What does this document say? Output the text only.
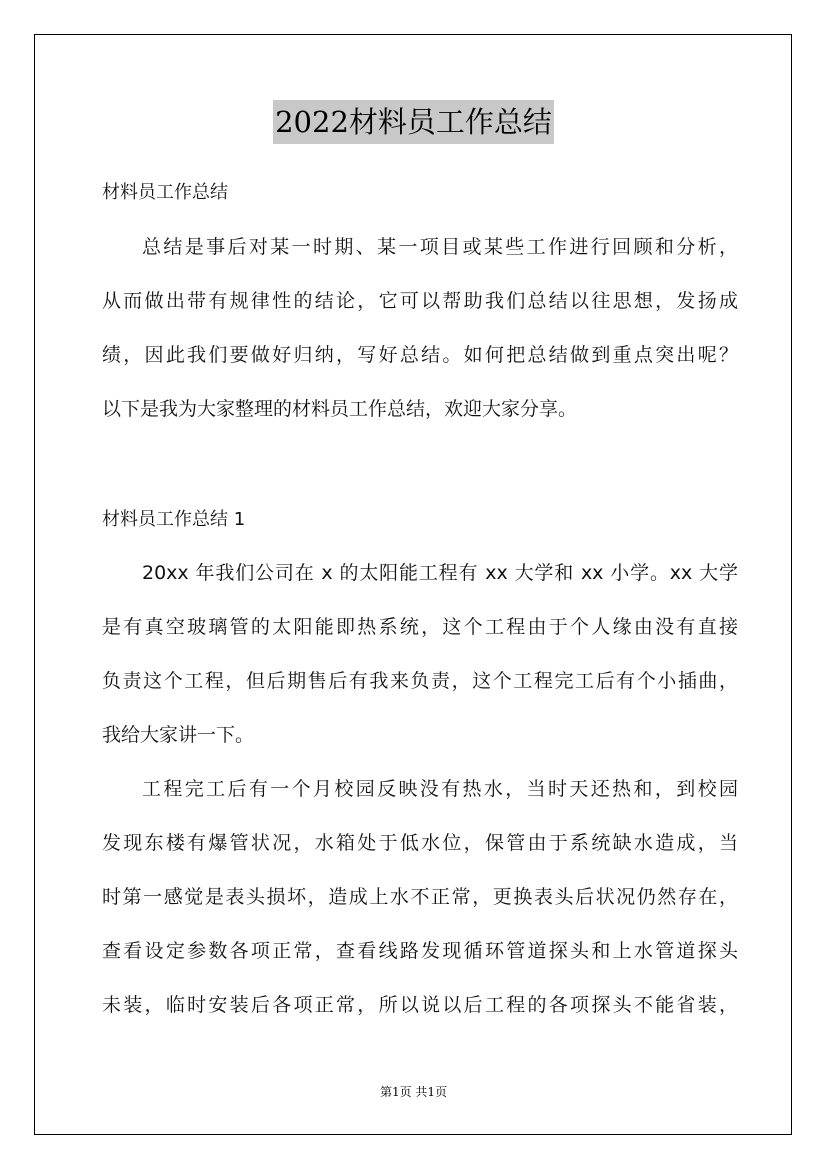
2022材料员工作总结
材料员工作总结
总结是事后对某一时期、某一项目或某些工作进行回顾和分析，
从而做出带有规律性的结论，它可以帮助我们总结以往思想，发扬成
绩，因此我们要做好归纳，写好总结。如何把总结做到重点突出呢？
以下是我为大家整理的材料员工作总结，欢迎大家分享。
材料员工作总结 1
20xx 年我们公司在 x 的太阳能工程有 xx 大学和 xx 小学。xx 大学
是有真空玻璃管的太阳能即热系统，这个工程由于个人缘由没有直接
负责这个工程，但后期售后有我来负责，这个工程完工后有个小插曲，
我给大家讲一下。
工程完工后有一个月校园反映没有热水，当时天还热和，到校园
发现东楼有爆管状况，水箱处于低水位，保管由于系统缺水造成，当
时第一感觉是表头损坏，造成上水不正常，更换表头后状况仍然存在，
查看设定参数各项正常，查看线路发现循环管道探头和上水管道探头
未装，临时安装后各项正常，所以说以后工程的各项探头不能省装，
第1页 共1页
